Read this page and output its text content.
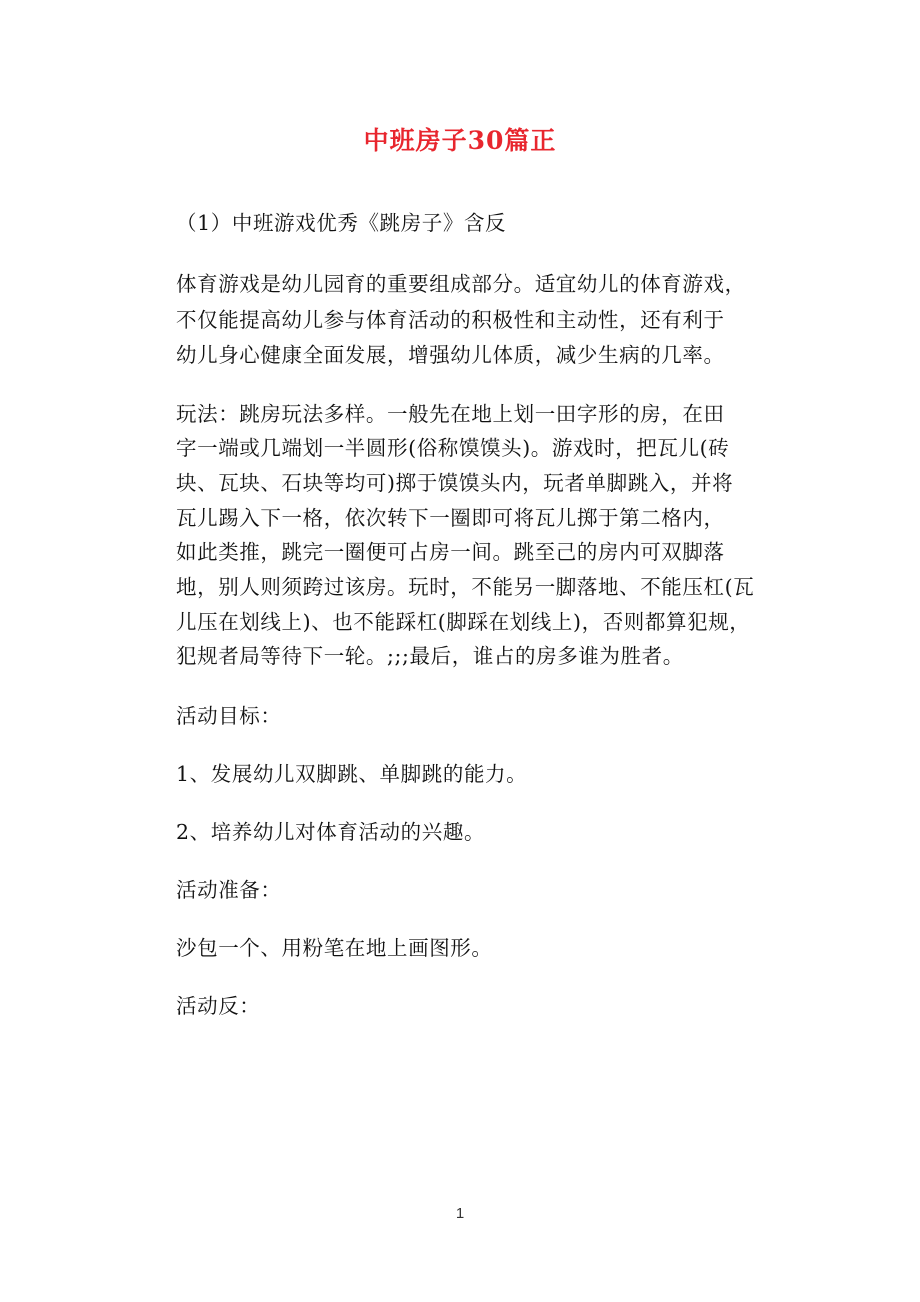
中班房子30篇正

（1）中班游戏优秀《跳房子》含反

体育游戏是幼儿园育的重要组成部分。适宜幼儿的体育游戏，

不仅能提高幼儿参与体育活动的积极性和主动性，还有利于

幼儿身心健康全面发展，增强幼儿体质，减少生病的几率。

玩法：跳房玩法多样。一般先在地上划一田字形的房，在田

字一端或几端划一半圆形(俗称馍馍头)。游戏时，把瓦儿(砖

块、瓦块、石块等均可)掷于馍馍头内，玩者单脚跳入，并将

瓦儿踢入下一格，依次转下一圈即可将瓦儿掷于第二格内，

如此类推，跳完一圈便可占房一间。跳至己的房内可双脚落

地，别人则须跨过该房。玩时，不能另一脚落地、不能压杠(瓦

儿压在划线上)、也不能踩杠(脚踩在划线上)，否则都算犯规，

犯规者局等待下一轮。;;;最后，谁占的房多谁为胜者。

活动目标：

1、发展幼儿双脚跳、单脚跳的能力。

2、培养幼儿对体育活动的兴趣。

活动准备：

沙包一个、用粉笔在地上画图形。

活动反：

1
